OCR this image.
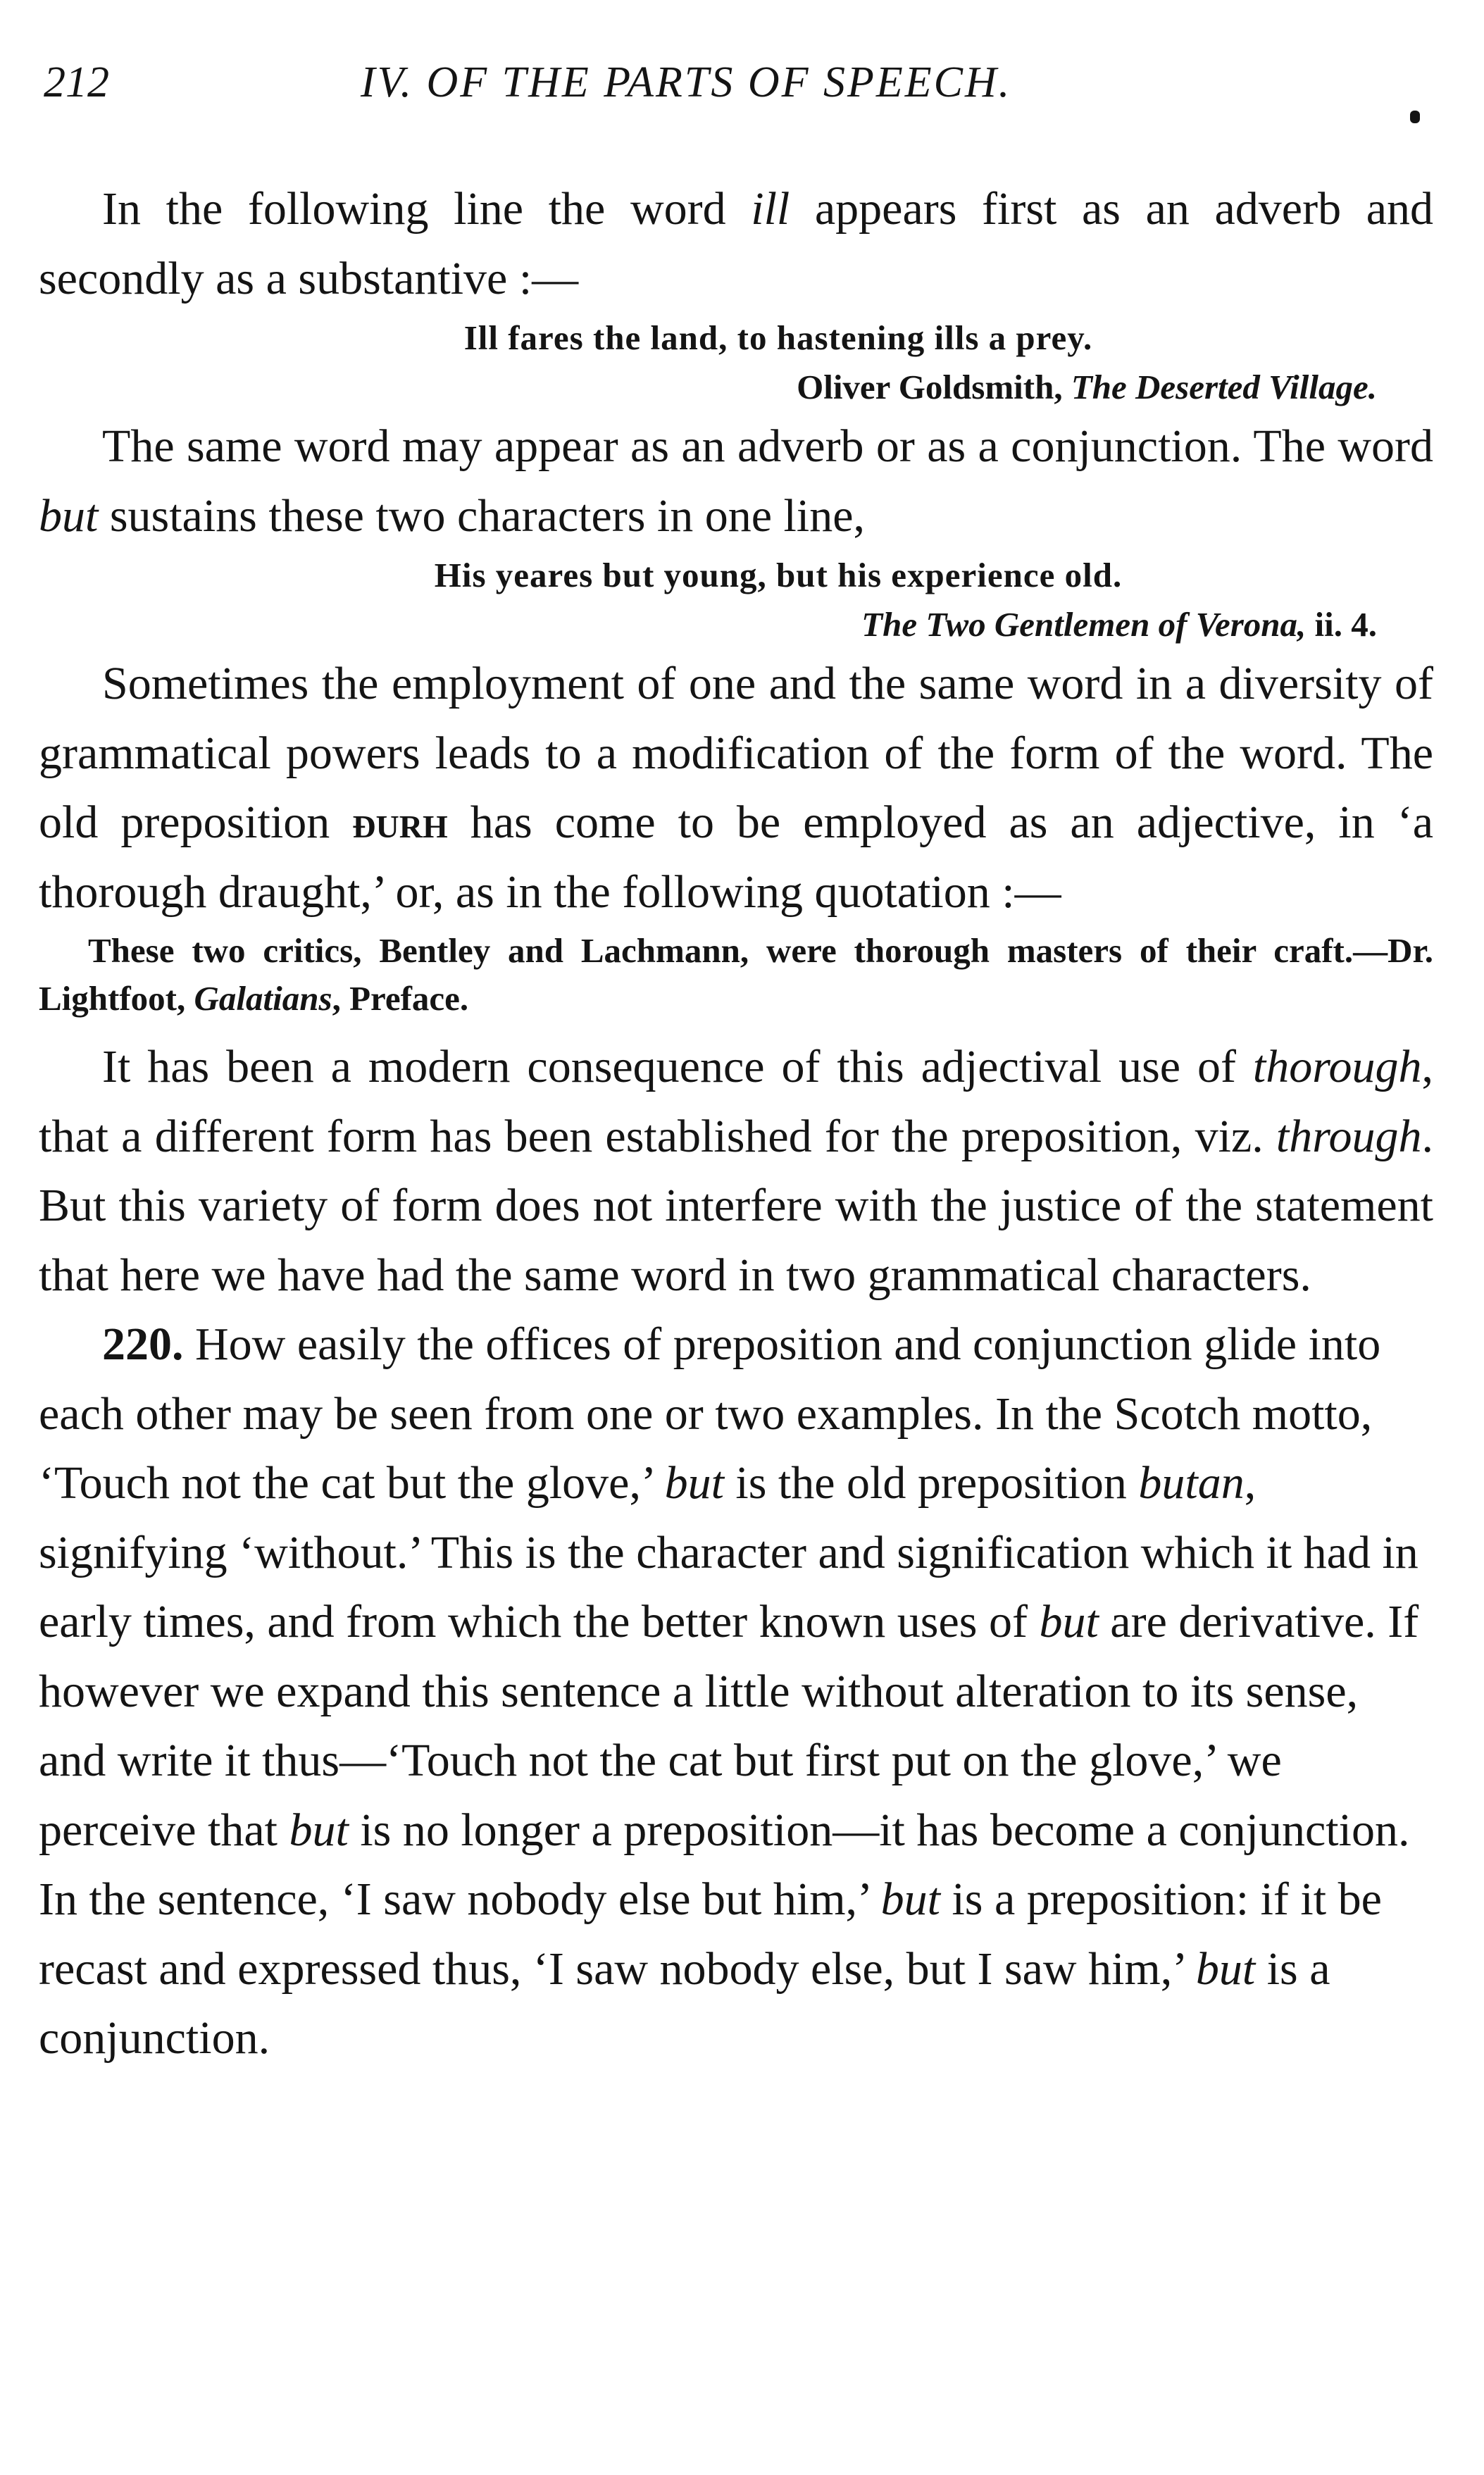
212	IV. OF THE PARTS OF SPEECH.

In the following line the word ill appears first as an adverb and secondly as a substantive :—

Ill fares the land, to hastening ills a prey.

Oliver Goldsmith, The Deserted Village.

The same word may appear as an adverb or as a conjunction. The word but sustains these two characters in one line,

His yeares but young, but his experience old.

The Two Gentlemen of Verona, ii. 4.

Sometimes the employment of one and the same word in a diversity of grammatical powers leads to a modification of the form of the word. The old preposition ðurh has come to be employed as an adjective, in ‘a thorough draught,’ or, as in the following quotation :—

These two critics, Bentley and Lachmann, were thorough masters of their craft.—Dr. Lightfoot, Galatians, Preface.

It has been a modern consequence of this adjectival use of thorough, that a different form has been established for the preposition, viz. through. But this variety of form does not interfere with the justice of the statement that here we have had the same word in two grammatical characters.

220. How easily the offices of preposition and conjunction glide into each other may be seen from one or two examples. In the Scotch motto, ‘Touch not the cat but the glove,’ but is the old preposition butan, signifying ‘without.’ This is the character and signification which it had in early times, and from which the better known uses of but are derivative. If however we expand this sentence a little without alteration to its sense, and write it thus—‘Touch not the cat but first put on the glove,’ we perceive that but is no longer a preposition—it has become a conjunction. In the sentence, ‘I saw nobody else but him,’ but is a preposition: if it be recast and expressed thus, ‘I saw nobody else, but I saw him,’ but is a conjunction.
